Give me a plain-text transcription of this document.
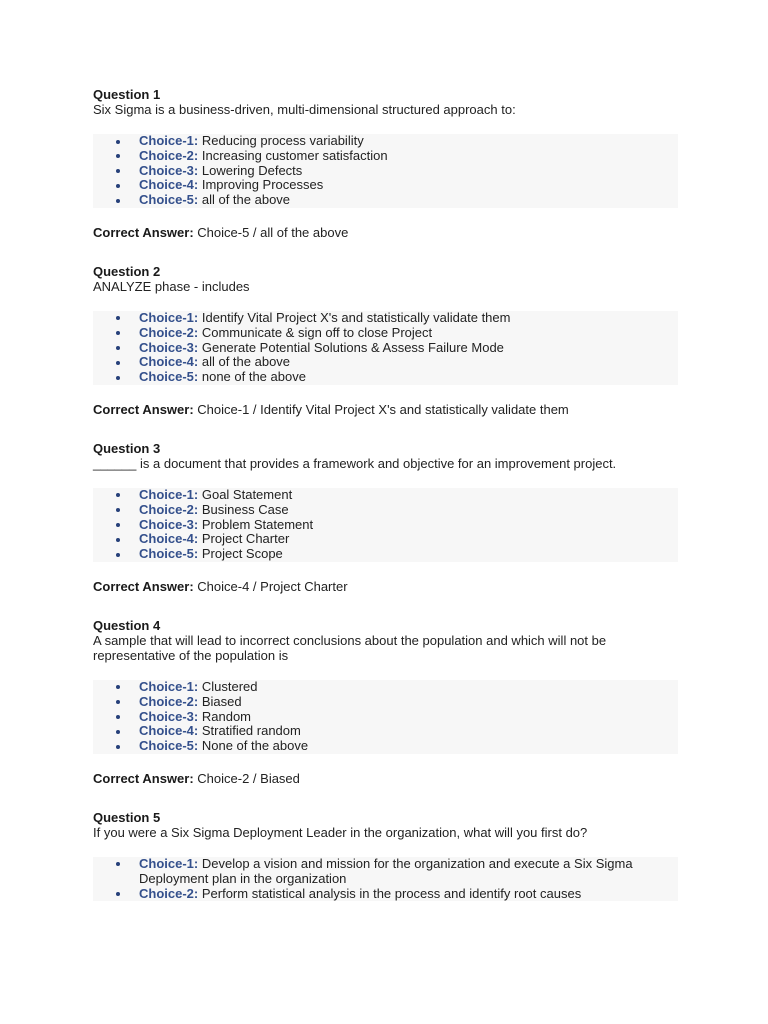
Question 1
Six Sigma is a business-driven, multi-dimensional structured approach to:
Choice-1: Reducing process variability
Choice-2: Increasing customer satisfaction
Choice-3: Lowering Defects
Choice-4: Improving Processes
Choice-5: all of the above
Correct Answer: Choice-5 / all of the above
Question 2
ANALYZE phase - includes
Choice-1: Identify Vital Project X's and statistically validate them
Choice-2: Communicate & sign off to close Project
Choice-3: Generate Potential Solutions & Assess Failure Mode
Choice-4: all of the above
Choice-5: none of the above
Correct Answer: Choice-1 / Identify Vital Project X's and statistically validate them
Question 3
______ is a document that provides a framework and objective for an improvement project.
Choice-1: Goal Statement
Choice-2: Business Case
Choice-3: Problem Statement
Choice-4: Project Charter
Choice-5: Project Scope
Correct Answer: Choice-4 / Project Charter
Question 4
A sample that will lead to incorrect conclusions about the population and which will not be representative of the population is
Choice-1: Clustered
Choice-2: Biased
Choice-3: Random
Choice-4: Stratified random
Choice-5: None of the above
Correct Answer: Choice-2 / Biased
Question 5
If you were a Six Sigma Deployment Leader in the organization, what will you first do?
Choice-1: Develop a vision and mission for the organization and execute a Six Sigma Deployment plan in the organization
Choice-2: Perform statistical analysis in the process and identify root causes
